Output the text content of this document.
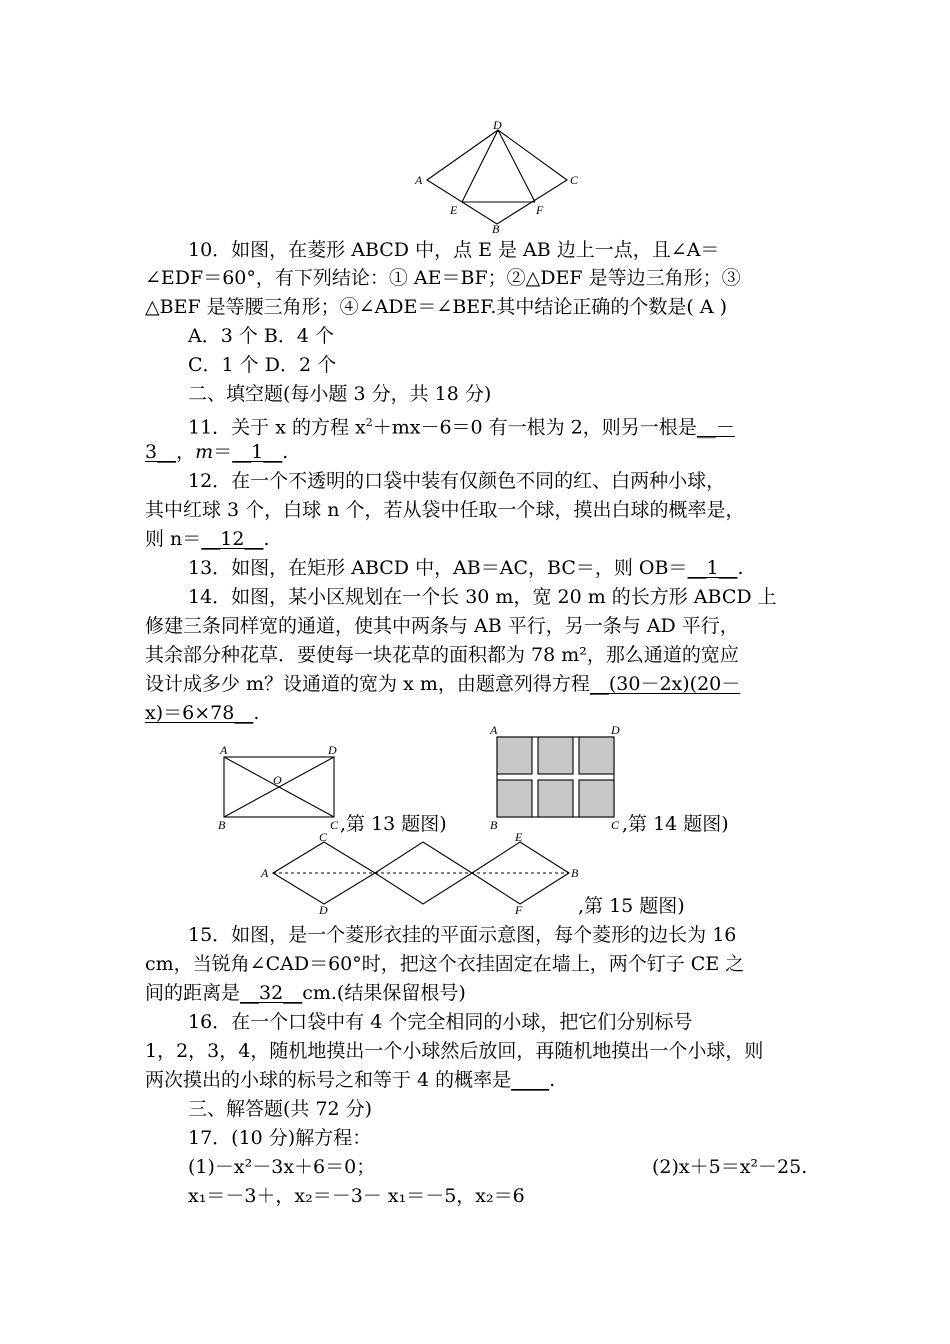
D
A	C
E	F
B
10．如图，在菱形 ABCD 中，点 E 是 AB 边上一点，且∠A＝
∠EDF＝60°，有下列结论：① AE＝BF；②△DEF 是等边三角形；③
△BEF 是等腰三角形；④∠ADE＝∠BEF.其中结论正确的个数是( A )
A．3 个 B．4 个
C．1 个 D．2 个
二、填空题(每小题 3 分，共 18 分)
11．关于 x 的方程 $x^2+mx-6=0$ 有一根为 2，则另一根是__－
3__，m＝__1__.
12．在一个不透明的口袋中装有仅颜色不同的红、白两种小球，
其中红球 3 个，白球 n 个，若从袋中任取一个球，摸出白球的概率是，
则 n＝__12__.
13．如图，在矩形 ABCD 中，AB＝AC，BC＝，则 OB＝__1__.
14．如图，某小区规划在一个长 30 m，宽 20 m 的长方形 ABCD 上
修建三条同样宽的通道，使其中两条与 AB 平行，另一条与 AD 平行，
其余部分种花草．要使每一块花草的面积都为 78 m²，那么通道的宽应
设计成多少 m？设通道的宽为 x m，由题意列得方程__(30－2x)(20－
x)＝6×78__.
A	D
O
B	C ,第 13 题图)
A	D
B	C ,第 14 题图)
C	E
A	B
D	F	,第 15 题图)
15．如图，是一个菱形衣挂的平面示意图，每个菱形的边长为 16
cm，当锐角∠CAD＝60°时，把这个衣挂固定在墙上，两个钉子 CE 之
间的距离是__32__cm.(结果保留根号)
16．在一个口袋中有 4 个完全相同的小球，把它们分别标号
1，2，3，4，随机地摸出一个小球然后放回，再随机地摸出一个小球，则
两次摸出的小球的标号之和等于 4 的概率是____.
三、解答题(共 72 分)
17．(10 分)解方程：
(1)－x²－3x＋6＝0；	(2)x＋5＝x²－25.
x₁＝－3＋，x₂＝－3－ x₁＝－5，x₂＝6
